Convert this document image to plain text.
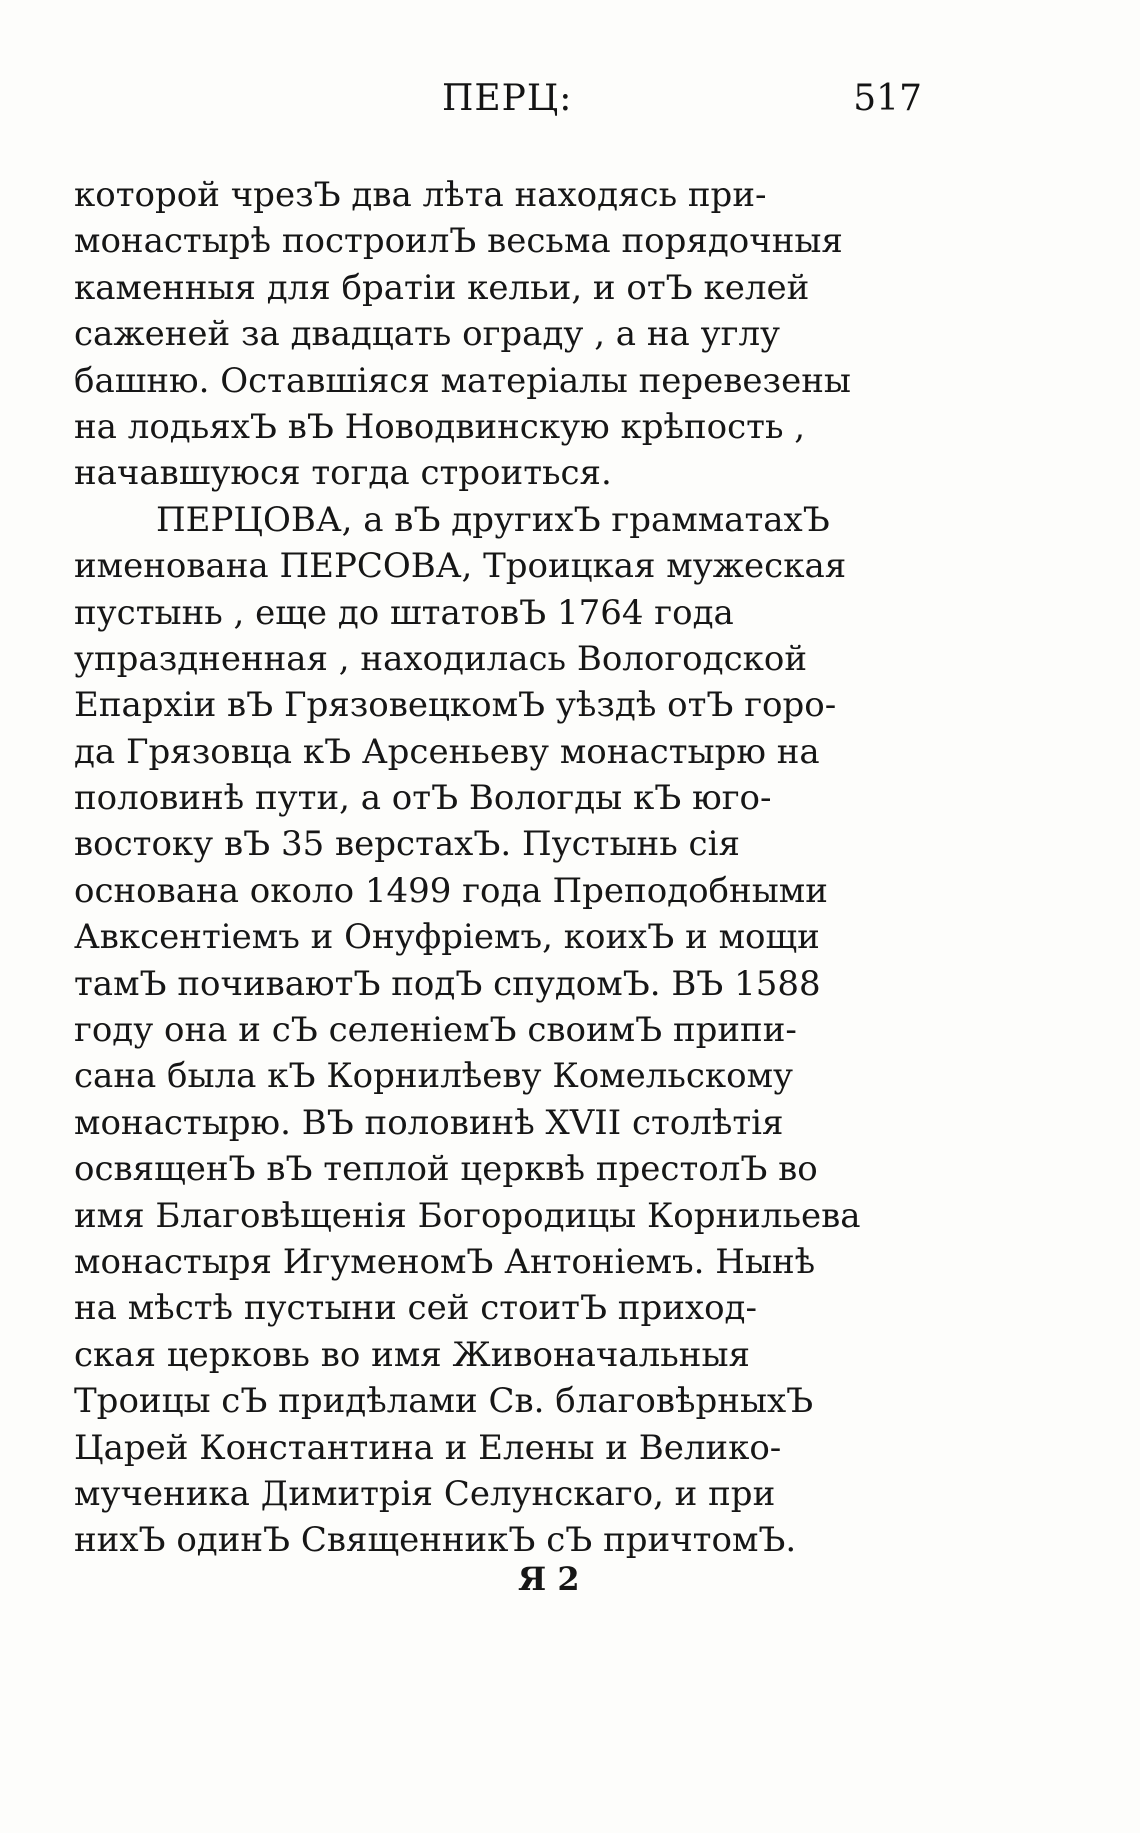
ПЕРЦ:	517
которой чрезЪ два лѣта находясь при-
монастырѣ построилЪ весьма порядочныя
каменныя для братіи кельи, и отЪ келей
саженей за двадцать ограду , а на углу
башню. Оставшіяся матеріалы перевезены
на лодьяхЪ вЪ Новодвинскую крѣпость ,
начавшуюся тогда строиться.
ПЕРЦОВА, а вЪ другихЪ грамматахЪ
именована ПЕРСОВА, Троицкая мужеская
пустынь , еще до штатовЪ 1764 года
упраздненная , находилась Вологодской
Епархіи вЪ ГрязовецкомЪ уѣздѣ отЪ горо-
да Грязовца кЪ Арсеньеву монастырю на
половинѣ пути, а отЪ Вологды кЪ юго-
востоку вЪ 35 верстахЪ. Пустынь сія
основана около 1499 года Преподобными
Авксентіемъ и Онуфріемъ, коихЪ и мощи
тамЪ почиваютЪ подЪ спудомЪ. ВЪ 1588
году она и сЪ селеніемЪ своимЪ припи-
сана была кЪ Корнилѣеву Комельскому
монастырю. ВЪ половинѣ XVII столѣтія
освященЪ вЪ теплой церквѣ престолЪ во
имя Благовѣщенія Богородицы Корнильева
монастыря ИгуменомЪ Антоніемъ. Нынѣ
на мѣстѣ пустыни сей стоитЪ приход-
ская церковь во имя Живоначальныя
Троицы сЪ придѣлами Св. благовѣрныхЪ
Царей Константина и Елены и Велико-
мученика Димитрія Селунскаго, и при
нихЪ одинЪ СвященникЪ сЪ причтомЪ.
Я 2
